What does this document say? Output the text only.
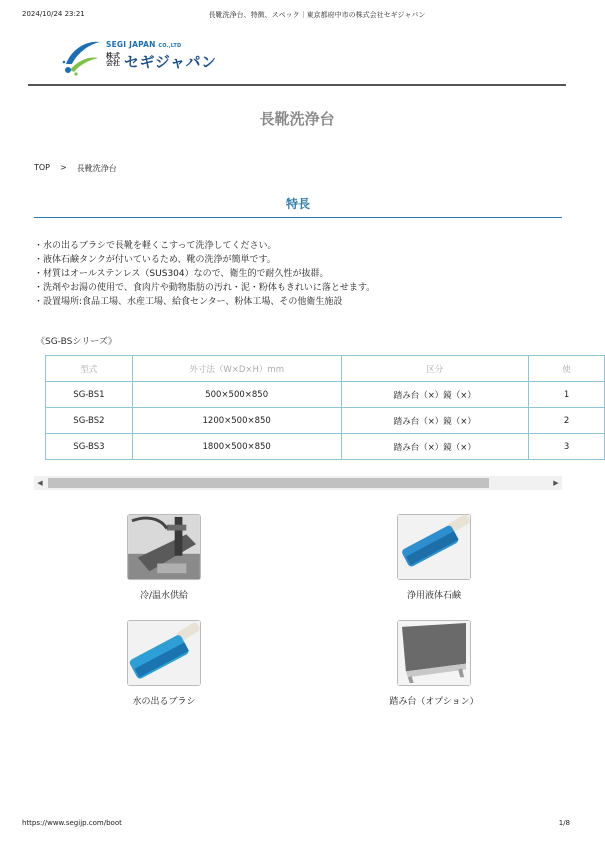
2024/10/24 23:21	長靴洗浄台、特徴、スペック｜東京都府中市の株式会社セギジャパン
SEGI JAPAN CO.,LTD
株式会社 セギジャパン
長靴洗浄台
TOP > 長靴洗浄台
特長
・水の出るブラシで長靴を軽くこすって洗浄してください。
・液体石鹸タンクが付いているため、靴の洗浄が簡単です。
・材質はオールステンレス（SUS304）なので、衛生的で耐久性が抜群。
・洗剤やお湯の使用で、食肉片や動物脂肪の汚れ・泥・粉体もきれいに落とせます。
・設置場所:食品工場、水産工場、給食センター、粉体工場、その他衛生施設
《SG-BSシリーズ》
型式	外寸法（W×D×H）mm	区分	使
SG-BS1	500×500×850	踏み台（×）鏡（×）	1
SG-BS2	1200×500×850	踏み台（×）鏡（×）	2
SG-BS3	1800×500×850	踏み台（×）鏡（×）	3
◀	▶
冷/温水供給	浄用液体石鹸
水の出るブラシ	踏み台（オプション）
https://www.segijp.com/boot	1/8
